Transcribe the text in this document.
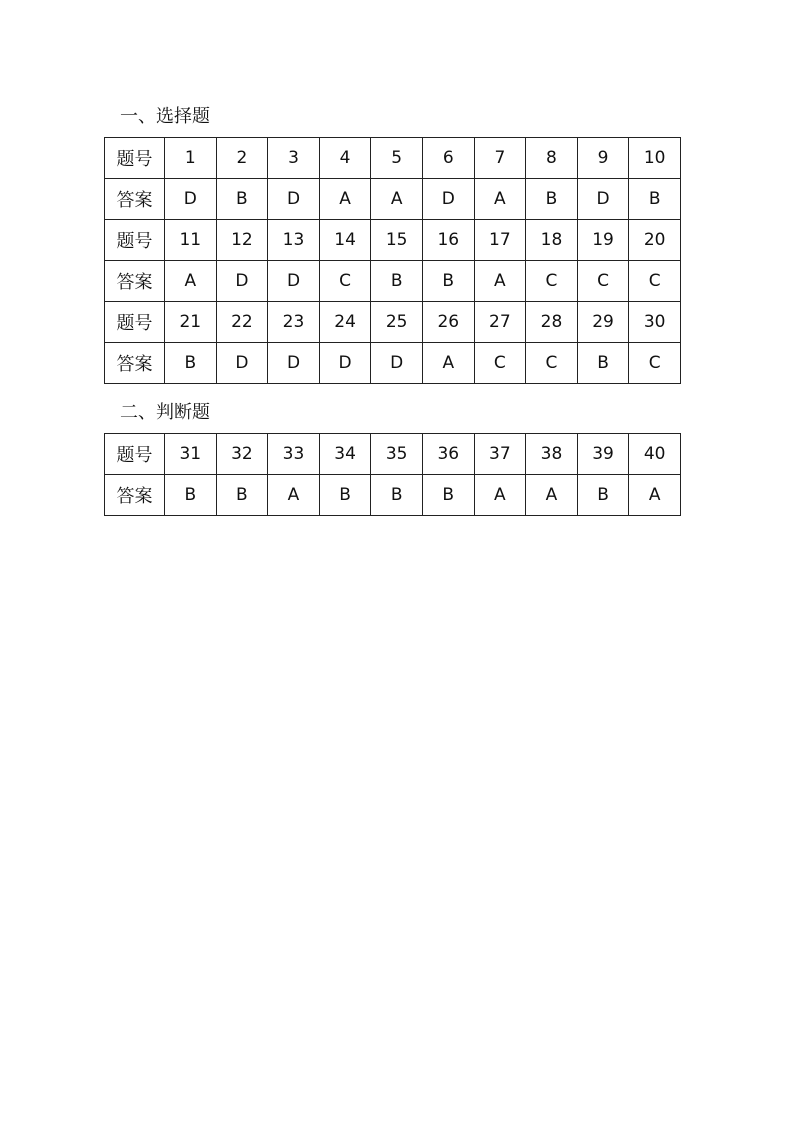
一、选择题
题号	1	2	3	4	5	6	7	8	9	10
答案	D	B	D	A	A	D	A	B	D	B
题号	11	12	13	14	15	16	17	18	19	20
答案	A	D	D	C	B	B	A	C	C	C
题号	21	22	23	24	25	26	27	28	29	30
答案	B	D	D	D	D	A	C	C	B	C
二、判断题
题号	31	32	33	34	35	36	37	38	39	40
答案	B	B	A	B	B	B	A	A	B	A
